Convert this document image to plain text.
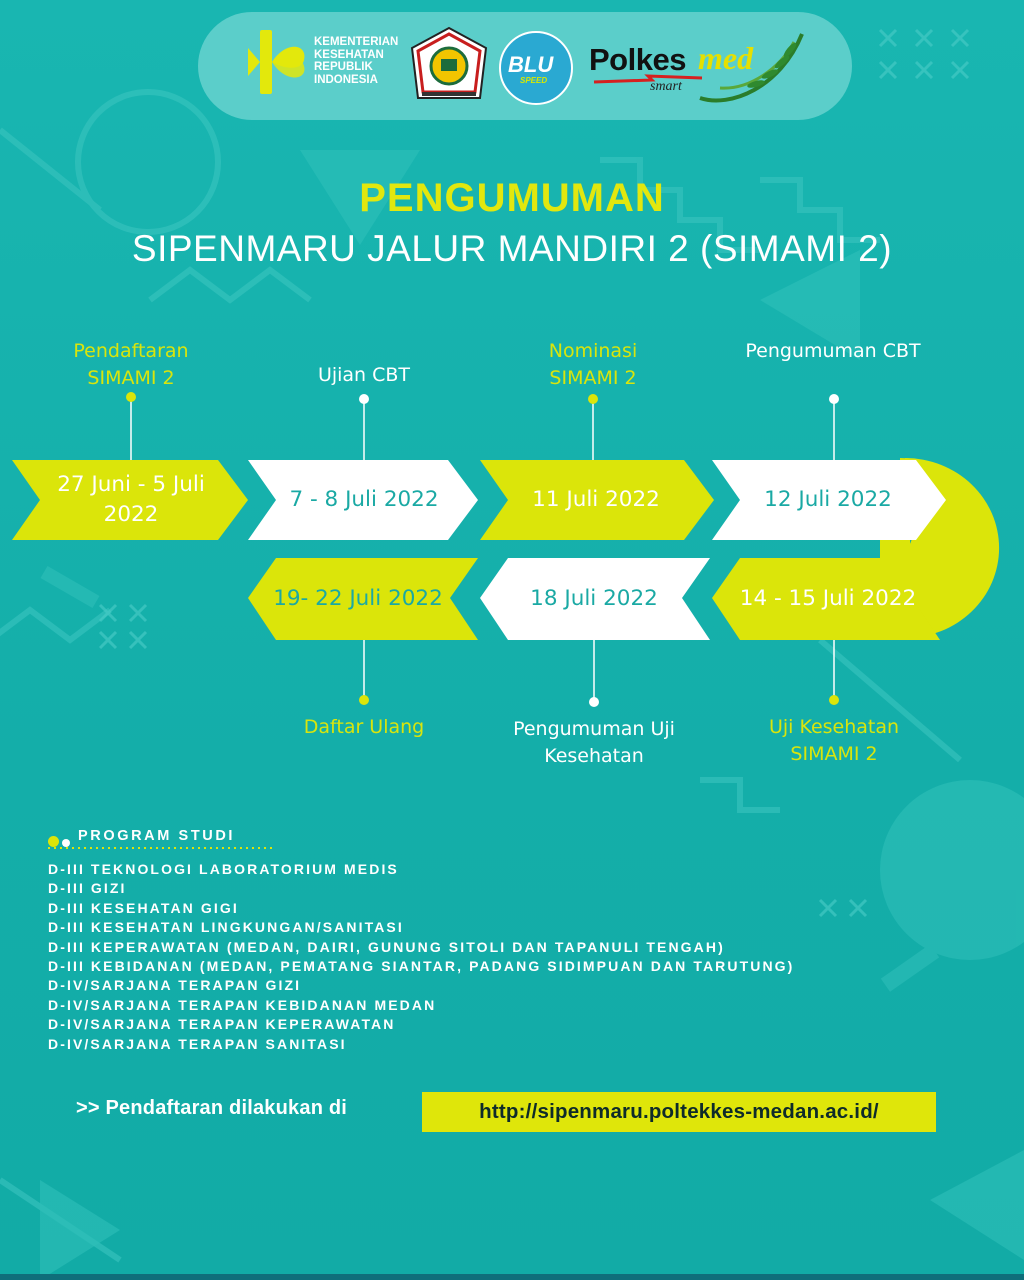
KEMENTERIAN
KESEHATAN
REPUBLIK
INDONESIA
BLU
SPEED
Polkes med
smart
PENGUMUMAN
SIPENMARU JALUR MANDIRI 2 (SIMAMI 2)
Pendaftaran SIMAMI 2	Ujian CBT
Nominasi SIMAMI 2
Pengumuman CBT
27 Juni - 5 Juli 2022
7 - 8 Juli 2022	11 Juli 2022	12 Juli 2022
19- 22 Juli 2022	18 Juli 2022	14 - 15 Juli 2022
Daftar Ulang	Pengumuman Uji Kesehatan
Uji Kesehatan SIMAMI 2
PROGRAM STUDI
D-III TEKNOLOGI LABORATORIUM MEDIS
D-III GIZI
D-III KESEHATAN GIGI
D-III KESEHATAN LINGKUNGAN/SANITASI
D-III KEPERAWATAN (MEDAN, DAIRI, GUNUNG SITOLI DAN TAPANULI TENGAH)
D-III KEBIDANAN (MEDAN, PEMATANG SIANTAR, PADANG SIDIMPUAN DAN TARUTUNG)
D-IV/SARJANA TERAPAN GIZI
D-IV/SARJANA TERAPAN KEBIDANAN MEDAN
D-IV/SARJANA TERAPAN KEPERAWATAN
D-IV/SARJANA TERAPAN SANITASI
>> Pendaftaran dilakukan di	http://sipenmaru.poltekkes-medan.ac.id/
